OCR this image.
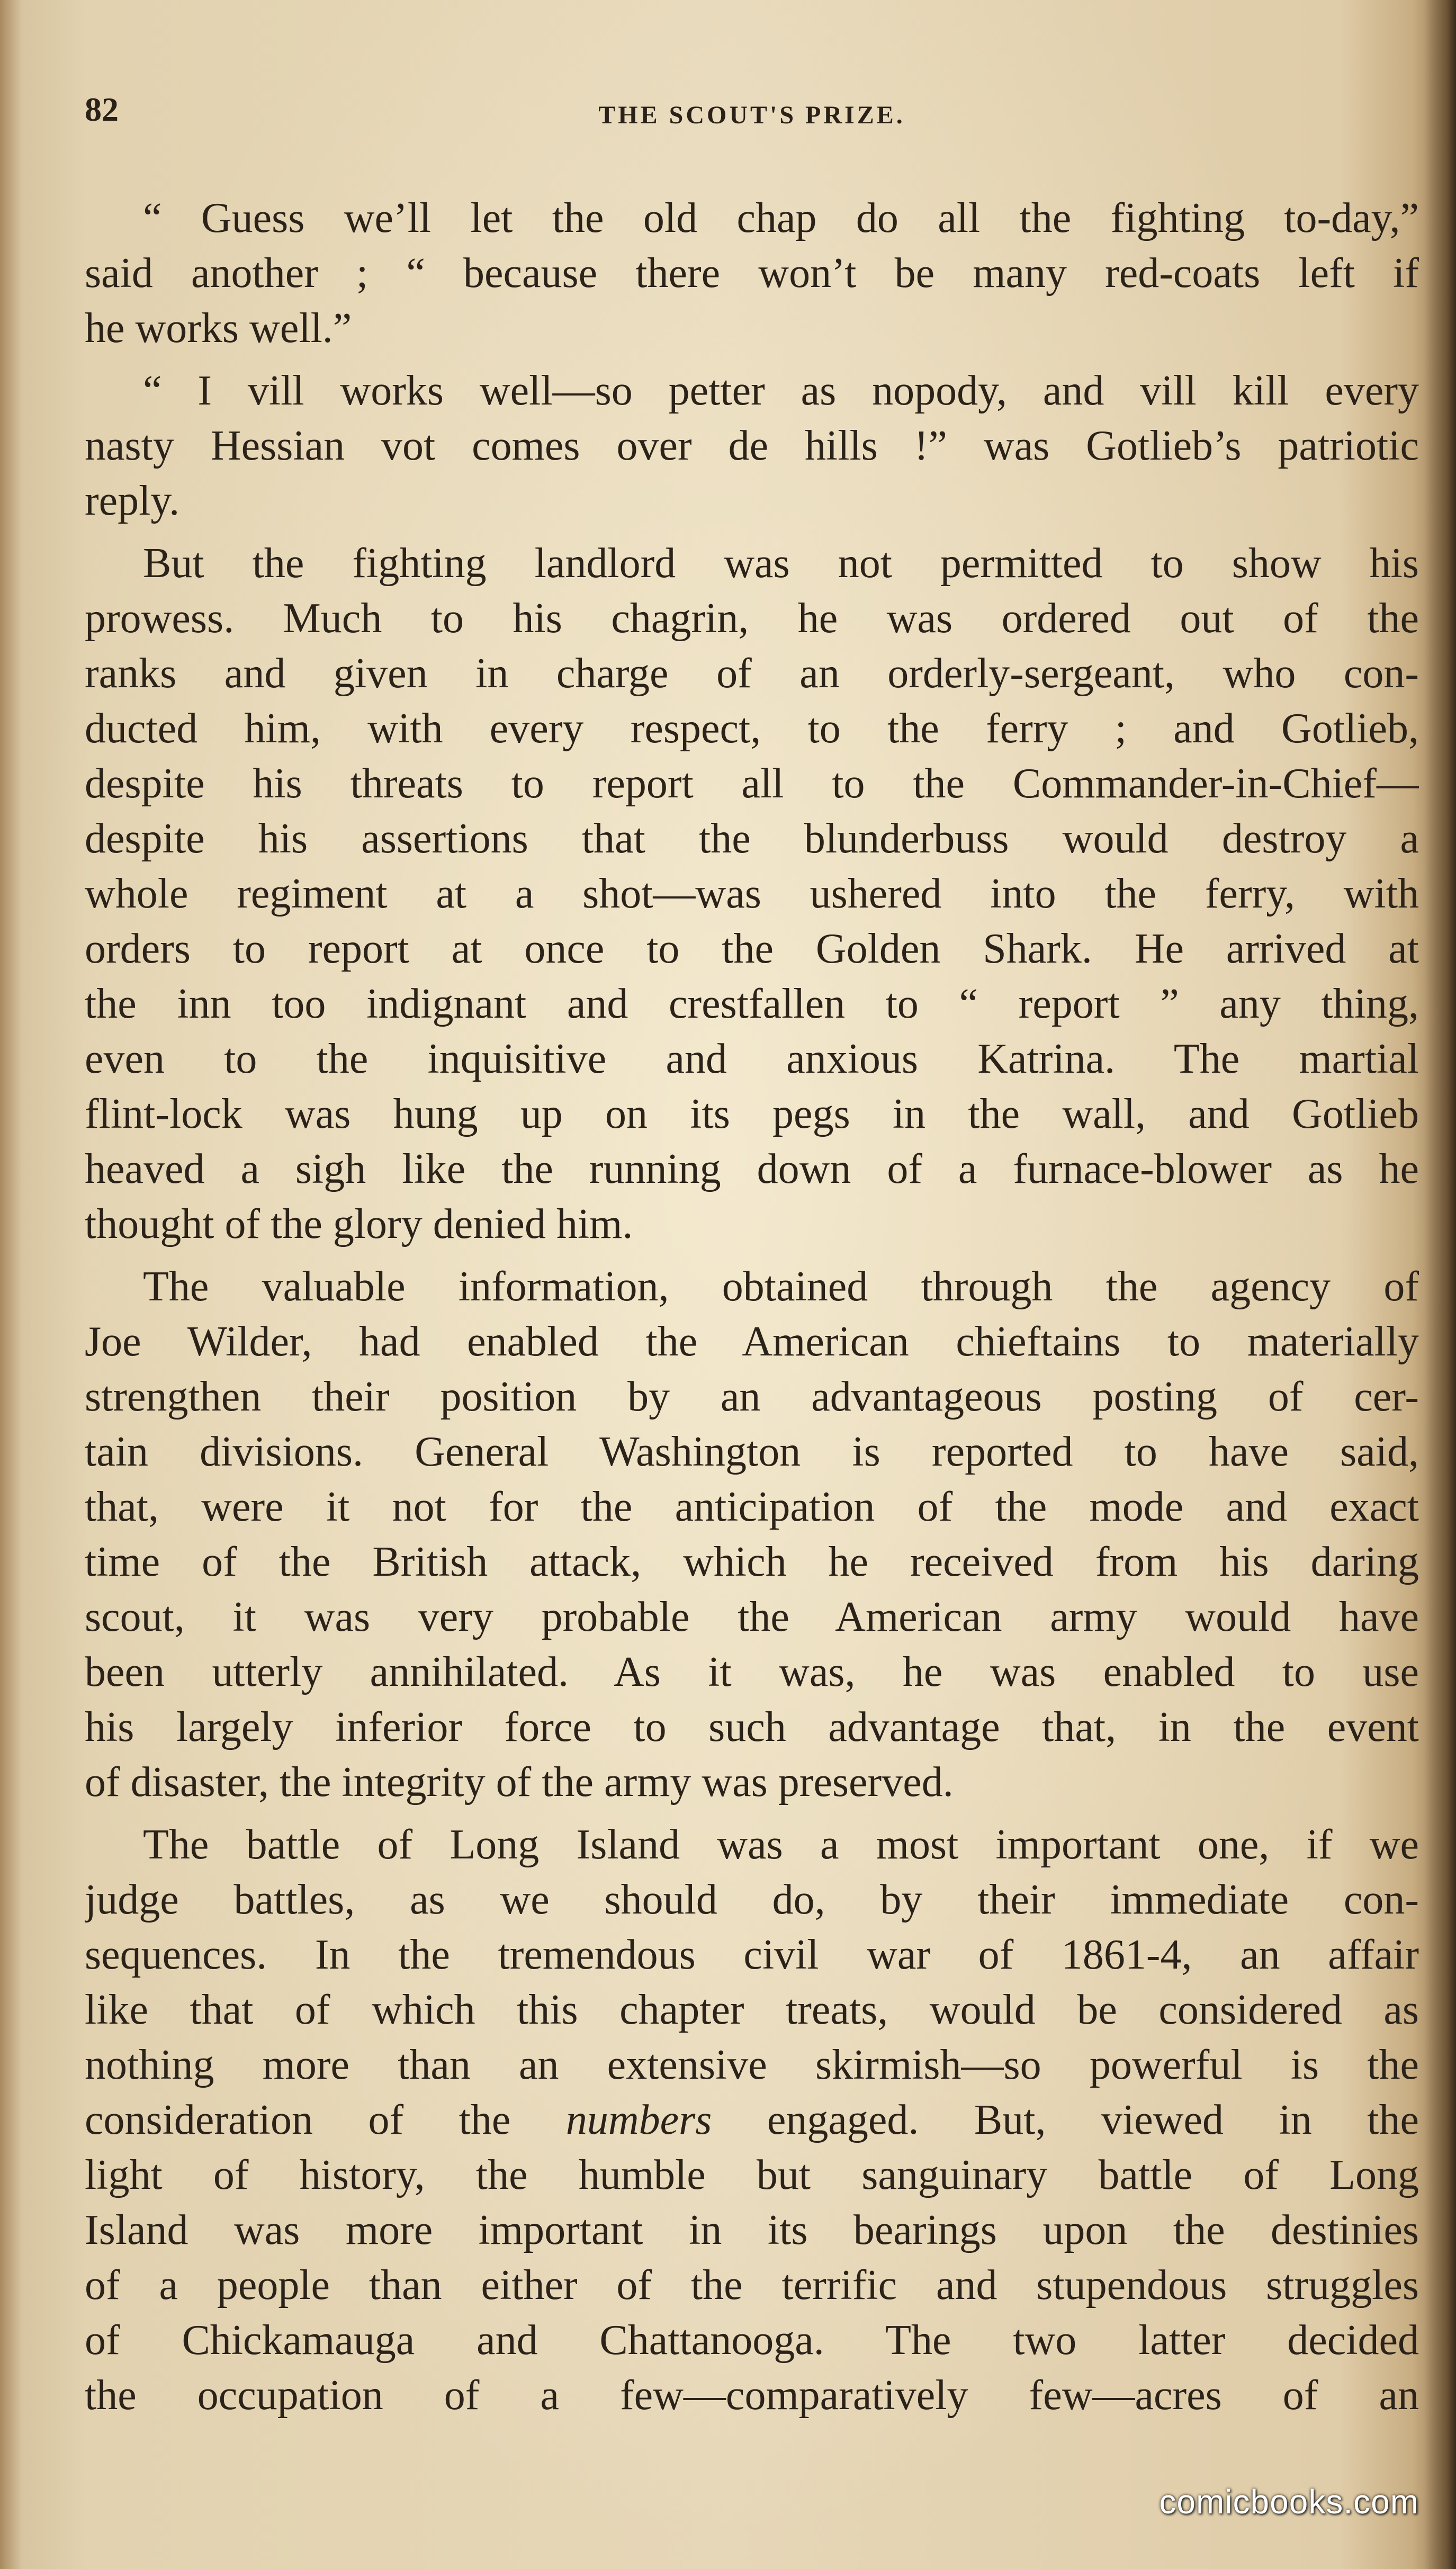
82	THE SCOUT'S PRIZE.
“ Guess we’ll let the old chap do all the fighting to-day,”
said another ; “ because there won’t be many red-coats left if
he works well.”
“ I vill works well—so petter as nopody, and vill kill every
nasty Hessian vot comes over de hills !” was Gotlieb’s patriotic
reply.
But the fighting landlord was not permitted to show his
prowess. Much to his chagrin, he was ordered out of the
ranks and given in charge of an orderly-sergeant, who con-
ducted him, with every respect, to the ferry ; and Gotlieb,
despite his threats to report all to the Commander-in-Chief—
despite his assertions that the blunderbuss would destroy a
whole regiment at a shot—was ushered into the ferry, with
orders to report at once to the Golden Shark. He arrived at
the inn too indignant and crestfallen to “ report ” any thing,
even to the inquisitive and anxious Katrina. The martial
flint-lock was hung up on its pegs in the wall, and Gotlieb
heaved a sigh like the running down of a furnace-blower as he
thought of the glory denied him.
The valuable information, obtained through the agency of
Joe Wilder, had enabled the American chieftains to materially
strengthen their position by an advantageous posting of cer-
tain divisions. General Washington is reported to have said,
that, were it not for the anticipation of the mode and exact
time of the British attack, which he received from his daring
scout, it was very probable the American army would have
been utterly annihilated. As it was, he was enabled to use
his largely inferior force to such advantage that, in the event
of disaster, the integrity of the army was preserved.
The battle of Long Island was a most important one, if we
judge battles, as we should do, by their immediate con-
sequences. In the tremendous civil war of 1861-4, an affair
like that of which this chapter treats, would be considered as
nothing more than an extensive skirmish—so powerful is the
consideration of the numbers engaged. But, viewed in the
light of history, the humble but sanguinary battle of Long
Island was more important in its bearings upon the destinies
of a people than either of the terrific and stupendous struggles
of Chickamauga and Chattanooga. The two latter decided
the occupation of a few—comparatively few—acres of an
comicbooks.com
